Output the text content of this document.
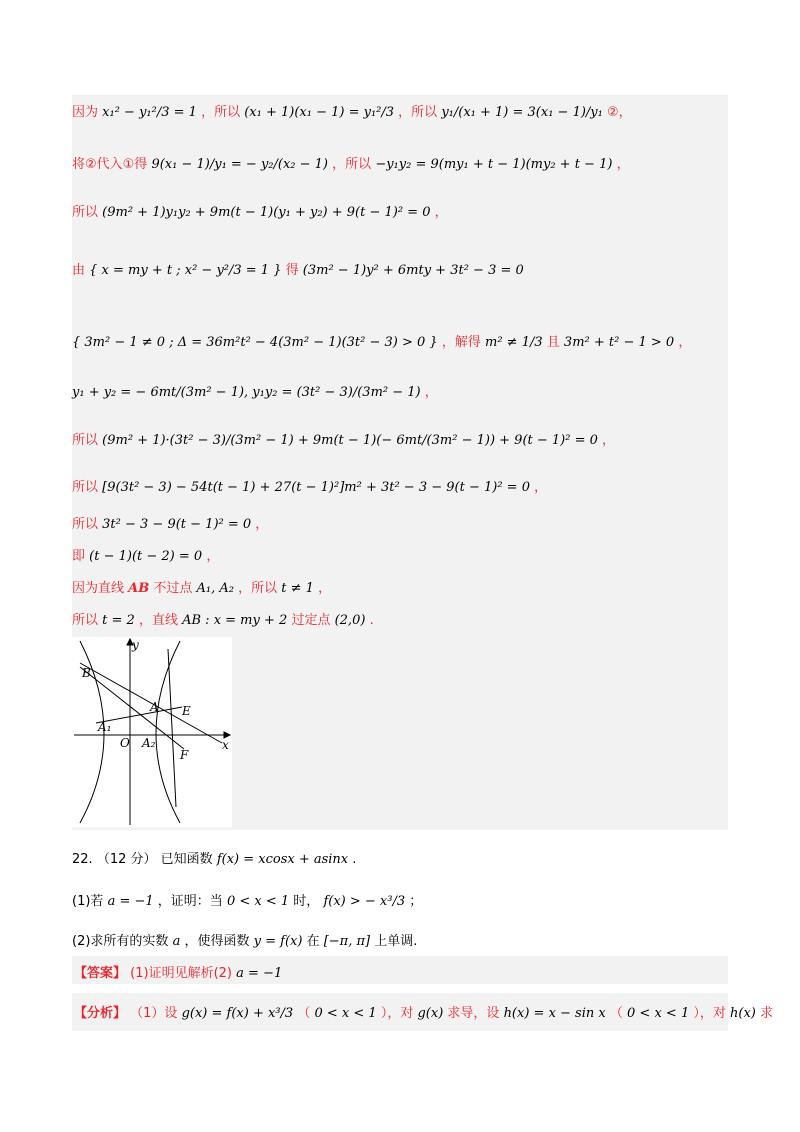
因为 x₁² − y₁²/3 = 1 ，所以 (x₁ + 1)(x₁ − 1) = y₁²/3 ，所以 y₁/(x₁ + 1) = 3(x₁ − 1)/y₁ ②，
将②代入①得 9(x₁ − 1)/y₁ = − y₂/(x₂ − 1) ，所以 −y₁y₂ = 9(my₁ + t − 1)(my₂ + t − 1) ，
所以 (9m² + 1)y₁y₂ + 9m(t − 1)(y₁ + y₂) + 9(t − 1)² = 0 ，
由 { x = my + t ; x² − y²/3 = 1 } 得 (3m² − 1)y² + 6mty + 3t² − 3 = 0
{ 3m² − 1 ≠ 0 ; Δ = 36m²t² − 4(3m² − 1)(3t² − 3) > 0 } ，解得 m² ≠ 1/3 且 3m² + t² − 1 > 0 ，
y₁ + y₂ = − 6mt/(3m² − 1), y₁y₂ = (3t² − 3)/(3m² − 1) ，
所以 (9m² + 1)·(3t² − 3)/(3m² − 1) + 9m(t − 1)(− 6mt/(3m² − 1)) + 9(t − 1)² = 0 ，
所以 [9(3t² − 3) − 54t(t − 1) + 27(t − 1)²]m² + 3t² − 3 − 9(t − 1)² = 0 ，
所以 3t² − 3 − 9(t − 1)² = 0 ，
即 (t − 1)(t − 2) = 0 ，
因为直线 AB 不过点 A₁, A₂ ，所以 t ≠ 1 ，
所以 t = 2 ，直线 AB : x = my + 2 过定点 (2,0) .
y
x
B
A E
A₁
O A₂
F
22. （12 分） 已知函数 f(x) = xcosx + asinx .
(1)若 a = −1 ，证明：当 0 < x < 1 时， f(x) > − x³/3 ；
(2)求所有的实数 a ，使得函数 y = f(x) 在 [−π, π] 上单调.
【答案】 (1)证明见解析(2) a = −1
【分析】 （1）设 g(x) = f(x) + x³/3 （ 0 < x < 1 ），对 g(x) 求导，设 h(x) = x − sin x （ 0 < x < 1 ），对 h(x) 求
